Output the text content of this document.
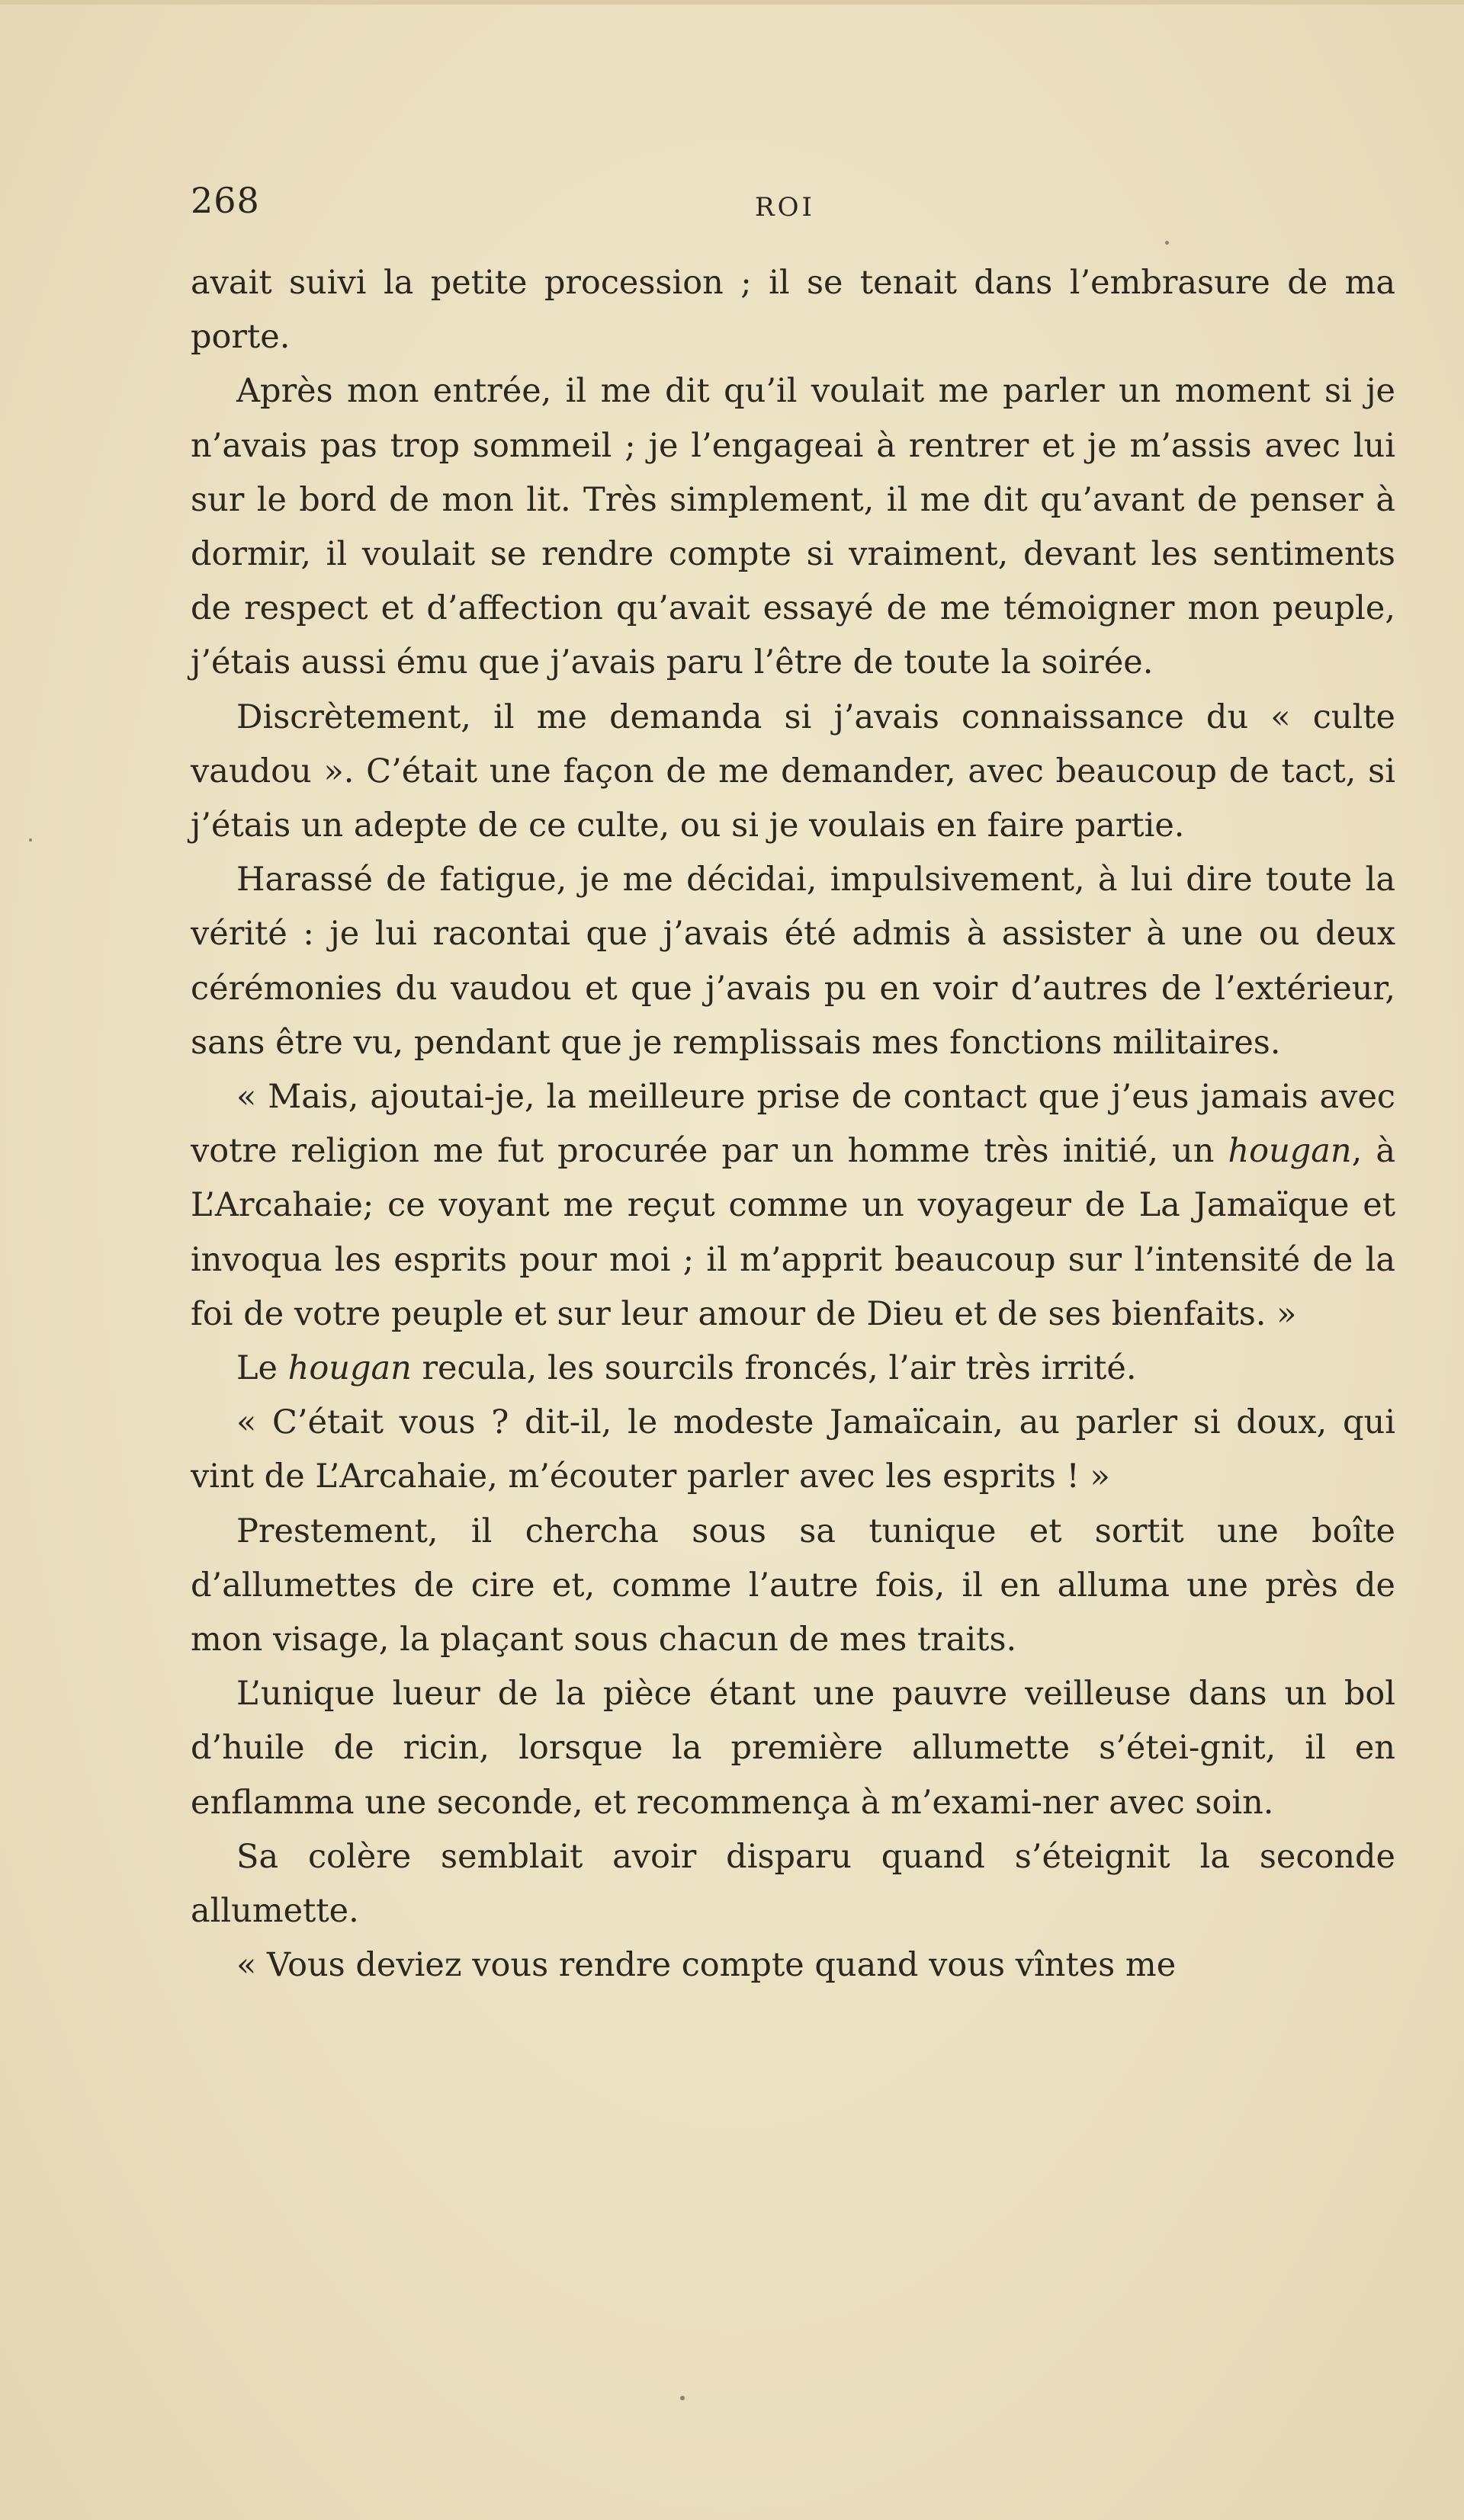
268	ROI

avait suivi la petite procession ; il se tenait dans l’embrasure de ma porte.

Après mon entrée, il me dit qu’il voulait me parler un moment si je n’avais pas trop sommeil ; je l’engageai à rentrer et je m’assis avec lui sur le bord de mon lit. Très simplement, il me dit qu’avant de penser à dormir, il voulait se rendre compte si vraiment, devant les sentiments de respect et d’affection qu’avait essayé de me témoigner mon peuple, j’étais aussi ému que j’avais paru l’être de toute la soirée.

Discrètement, il me demanda si j’avais connaissance du « culte vaudou ». C’était une façon de me demander, avec beaucoup de tact, si j’étais un adepte de ce culte, ou si je voulais en faire partie.

Harassé de fatigue, je me décidai, impulsivement, à lui dire toute la vérité : je lui racontai que j’avais été admis à assister à une ou deux cérémonies du vaudou et que j’avais pu en voir d’autres de l’extérieur, sans être vu, pendant que je remplissais mes fonctions militaires.

« Mais, ajoutai-je, la meilleure prise de contact que j’eus jamais avec votre religion me fut procurée par un homme très initié, un hougan, à L’Arcahaie; ce voyant me reçut comme un voyageur de La Jamaïque et invoqua les esprits pour moi ; il m’apprit beaucoup sur l’intensité de la foi de votre peuple et sur leur amour de Dieu et de ses bienfaits. »

Le hougan recula, les sourcils froncés, l’air très irrité.

« C’était vous ? dit-il, le modeste Jamaïcain, au parler si doux, qui vint de L’Arcahaie, m’écouter parler avec les esprits ! »

Prestement, il chercha sous sa tunique et sortit une boîte d’allumettes de cire et, comme l’autre fois, il en alluma une près de mon visage, la plaçant sous chacun de mes traits.

L’unique lueur de la pièce étant une pauvre veilleuse dans un bol d’huile de ricin, lorsque la première allumette s’étei-gnit, il en enflamma une seconde, et recommença à m’exami-ner avec soin.

Sa colère semblait avoir disparu quand s’éteignit la seconde allumette.

« Vous deviez vous rendre compte quand vous vîntes me
